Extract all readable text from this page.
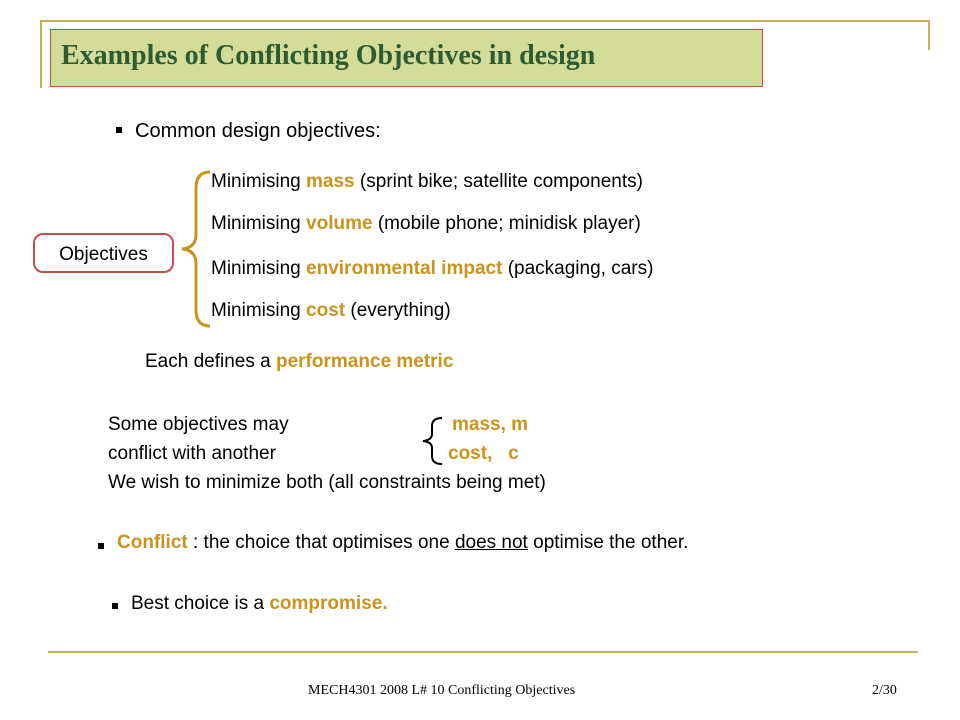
Examples of Conflicting Objectives in design
Common design objectives:
Objectives
Minimising mass (sprint bike; satellite components)
Minimising volume (mobile phone; minidisk player)
Minimising environmental impact (packaging, cars)
Minimising cost (everything)
Each defines a performance metric
Some objectives may
conflict with another
We wish to minimize both (all constraints being met)
mass, m
cost,   c
Conflict : the choice that optimises one does not optimise the other.
Best choice is a compromise.
MECH4301 2008 L# 10 Conflicting Objectives	2/30
